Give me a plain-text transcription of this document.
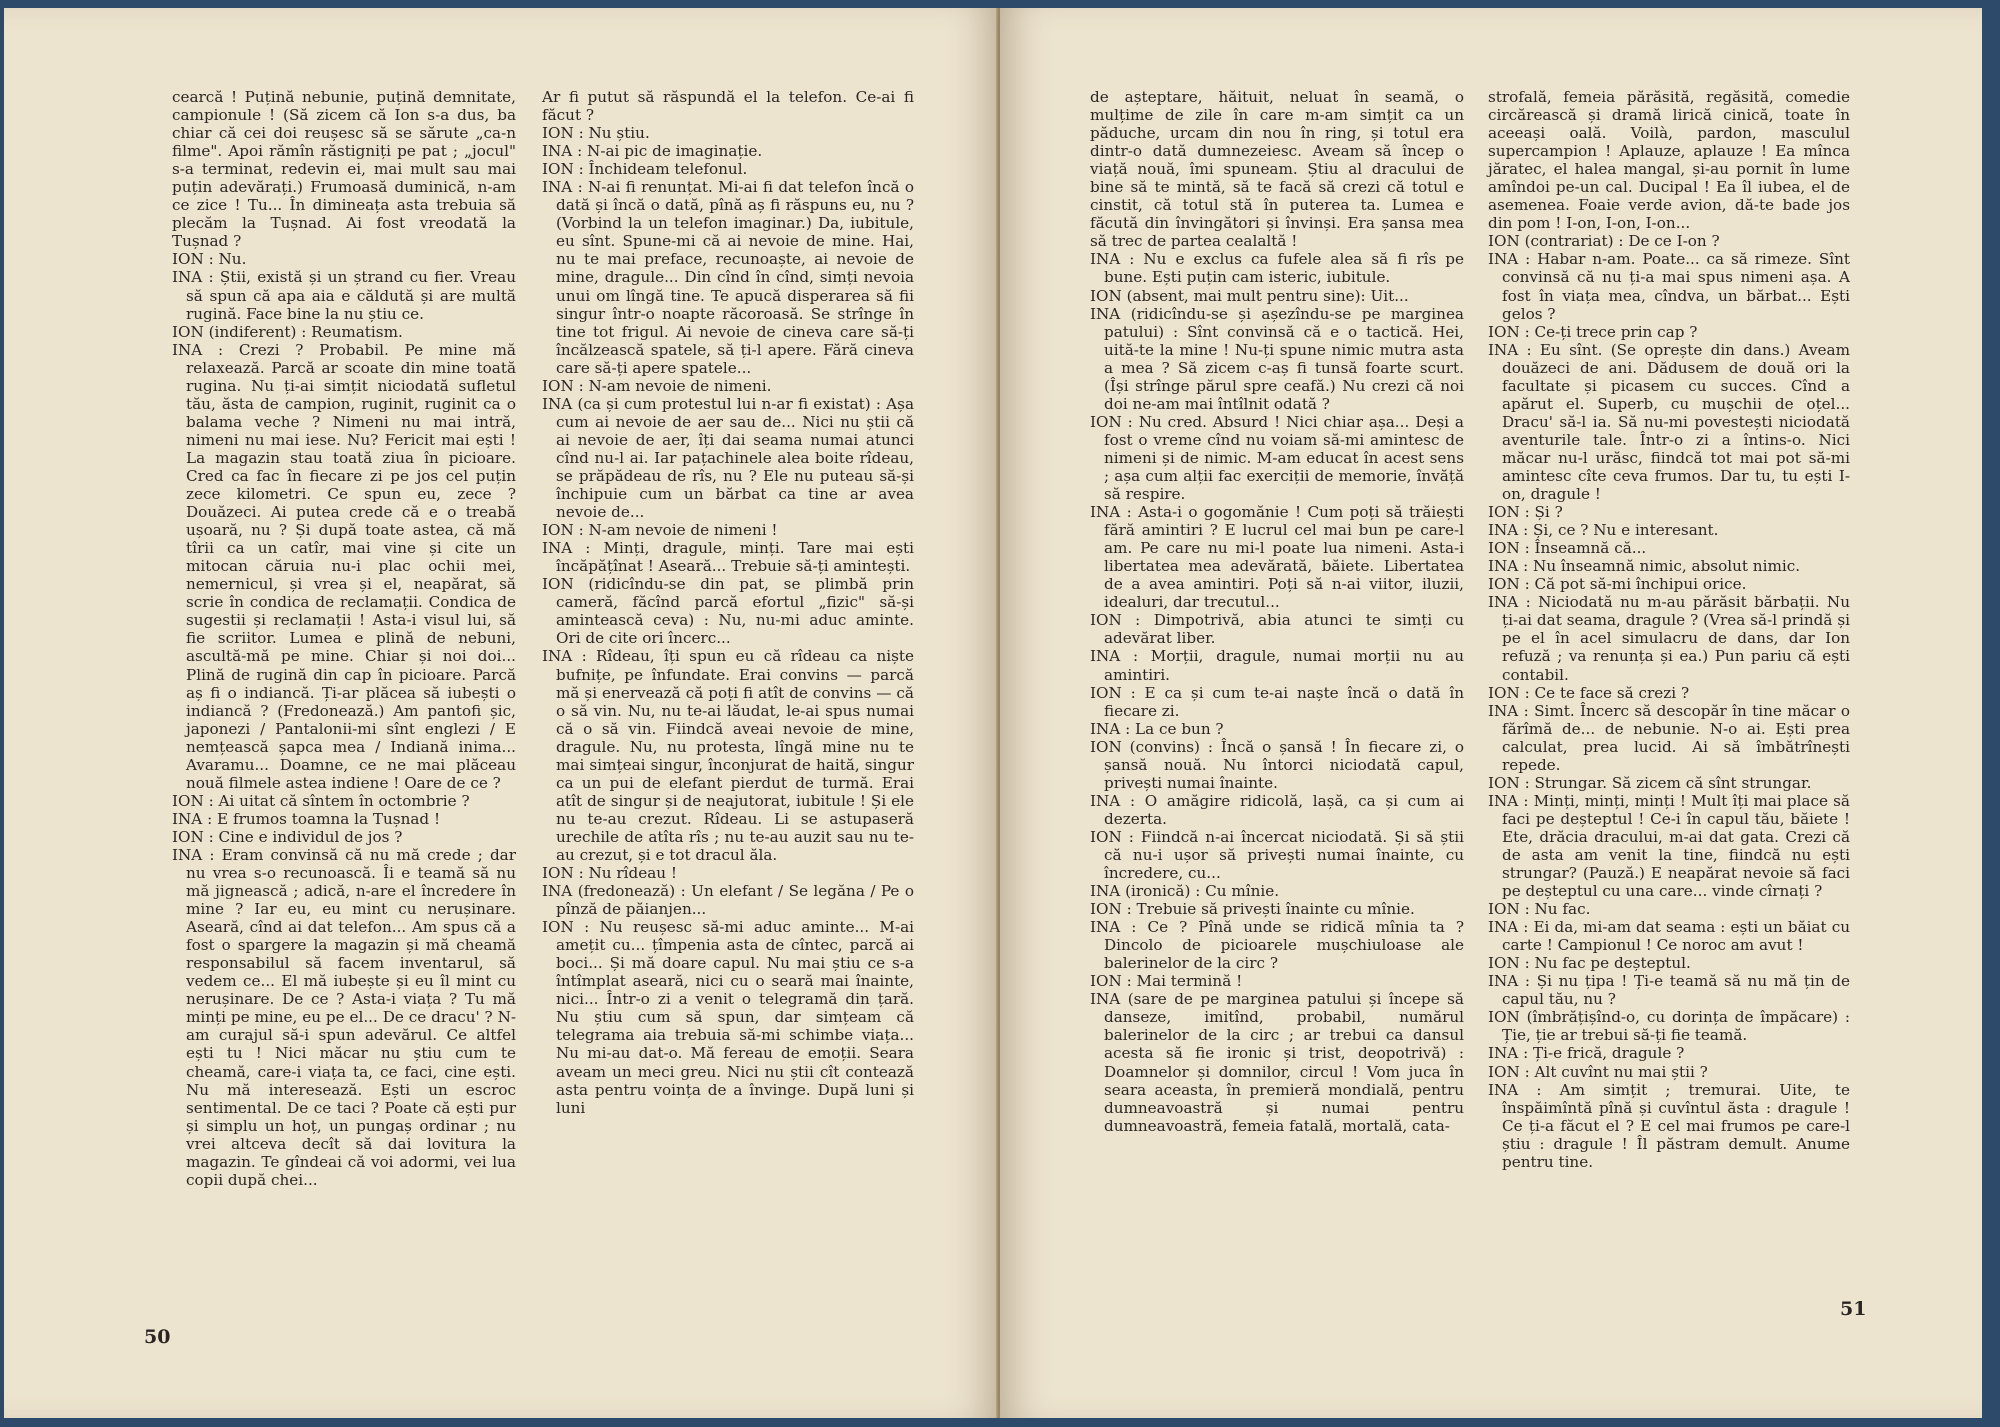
cearcă ! Puțină nebunie, puțină demnitate, campionule ! (Să zicem că Ion s-a dus, ba chiar că cei doi reușesc să se sărute „ca-n filme". Apoi rămîn răstigniți pe pat ; „jocul" s-a terminat, redevin ei, mai mult sau mai puțin adevărați.) Frumoasă duminică, n-am ce zice ! Tu... În dimineața asta trebuia să plecăm la Tușnad. Ai fost vreodată la Tușnad ?

ION : Nu.

INA : Știi, există și un ștrand cu fier. Vreau să spun că apa aia e căldută și are multă rugină. Face bine la nu știu ce.

ION (indiferent) : Reumatism.

INA : Crezi ? Probabil. Pe mine mă relaxează. Parcă ar scoate din mine toată rugina. Nu ți-ai simțit niciodată sufletul tău, ăsta de campion, ruginit, ruginit ca o balama veche ? Nimeni nu mai intră, nimeni nu mai iese. Nu? Fericit mai ești ! La magazin stau toată ziua în picioare. Cred ca fac în fiecare zi pe jos cel puțin zece kilometri. Ce spun eu, zece ? Douăzeci. Ai putea crede că e o treabă ușoară, nu ? Și după toate astea, că mă tîrii ca un catîr, mai vine și cite un mitocan căruia nu-i plac ochii mei, nemernicul, și vrea și el, neapărat, să scrie în condica de reclamații. Condica de sugestii și reclamații ! Asta-i visul lui, să fie scriitor. Lumea e plină de nebuni, ascultă-mă pe mine. Chiar și noi doi... Plină de rugină din cap în picioare. Parcă aș fi o indiancă. Ți-ar plăcea să iubești o indiancă ? (Fredonează.) Am pantofi șic, japonezi / Pantalonii-mi sînt englezi / E nemțească șapca mea / Indiană inima... Avaramu... Doamne, ce ne mai plăceau nouă filmele astea indiene ! Oare de ce ?

ION : Ai uitat că sîntem în octombrie ?

INA : E frumos toamna la Tușnad !

ION : Cine e individul de jos ?

INA : Eram convinsă că nu mă crede ; dar nu vrea s-o recunoască. Îi e teamă să nu mă jignească ; adică, n-are el încredere în mine ? Iar eu, eu mint cu nerușinare. Aseară, cînd ai dat telefon... Am spus că a fost o spargere la magazin și mă cheamă responsabilul să facem inventarul, să vedem ce... El mă iubește și eu îl mint cu nerușinare. De ce ? Asta-i viața ? Tu mă minți pe mine, eu pe el... De ce dracu' ? N-am curajul să-i spun adevărul. Ce altfel ești tu ! Nici măcar nu știu cum te cheamă, care-i viața ta, ce faci, cine ești. Nu mă interesează. Ești un escroc sentimental. De ce taci ? Poate că ești pur și simplu un hoț, un pungaș ordinar ; nu vrei altceva decît să dai lovitura la magazin. Te gîndeai că voi adormi, vei lua copii după chei...

Ar fi putut să răspundă el la telefon. Ce-ai fi făcut ?

ION : Nu știu.

INA : N-ai pic de imaginație.

ION : Închideam telefonul.

INA : N-ai fi renunțat. Mi-ai fi dat telefon încă o dată și încă o dată, pînă aș fi răspuns eu, nu ? (Vorbind la un telefon imaginar.) Da, iubitule, eu sînt. Spune-mi că ai nevoie de mine. Hai, nu te mai preface, recunoaște, ai nevoie de mine, dragule... Din cînd în cînd, simți nevoia unui om lîngă tine. Te apucă disperarea să fii singur într-o noapte răcoroasă. Se strînge în tine tot frigul. Ai nevoie de cineva care să-ți încălzească spatele, să ți-l apere. Fără cineva care să-ți apere spatele...

ION : N-am nevoie de nimeni.

INA (ca și cum protestul lui n-ar fi existat) : Așa cum ai nevoie de aer sau de... Nici nu știi că ai nevoie de aer, îți dai seama numai atunci cînd nu-l ai. Iar pațachinele alea boite rîdeau, se prăpădeau de rîs, nu ? Ele nu puteau să-și închipuie cum un bărbat ca tine ar avea nevoie de...

ION : N-am nevoie de nimeni !

INA : Minți, dragule, minți. Tare mai ești încăpățînat ! Aseară... Trebuie să-ți amintești.

ION (ridicîndu-se din pat, se plimbă prin cameră, făcînd parcă efortul „fizic" să-și amintească ceva) : Nu, nu-mi aduc aminte. Ori de cite ori încerc...

INA : Rîdeau, îți spun eu că rîdeau ca niște bufnițe, pe înfundate. Erai convins — parcă mă și enervează că poți fi atît de convins — că o să vin. Nu, nu te-ai lăudat, le-ai spus numai că o să vin. Fiindcă aveai nevoie de mine, dragule. Nu, nu protesta, lîngă mine nu te mai simțeai singur, înconjurat de haită, singur ca un pui de elefant pierdut de turmă. Erai atît de singur și de neajutorat, iubitule ! Și ele nu te-au crezut. Rîdeau. Li se astupaseră urechile de atîta rîs ; nu te-au auzit sau nu te-au crezut, și e tot dracul ăla.

ION : Nu rîdeau !

INA (fredonează) : Un elefant / Se legăna / Pe o pînză de păianjen...

ION : Nu reușesc să-mi aduc aminte... M-ai amețit cu... țîmpenia asta de cîntec, parcă ai boci... Și mă doare capul. Nu mai știu ce s-a întîmplat aseară, nici cu o seară mai înainte, nici... Într-o zi a venit o telegramă din țară. Nu știu cum să spun, dar simțeam că telegrama aia trebuia să-mi schimbe viața... Nu mi-au dat-o. Mă fereau de emoții. Seara aveam un meci greu. Nici nu știi cît contează asta pentru voința de a învinge. După luni și luni

50

de așteptare, hăituit, neluat în seamă, o mulțime de zile în care m-am simțit ca un păduche, urcam din nou în ring, și totul era dintr-o dată dumnezeiesc. Aveam să încep o viață nouă, îmi spuneam. Știu al dracului de bine să te mintă, să te facă să crezi că totul e cinstit, că totul stă în puterea ta. Lumea e făcută din învingători și învinși. Era șansa mea să trec de partea cealaltă !

INA : Nu e exclus ca fufele alea să fi rîs pe bune. Ești puțin cam isteric, iubitule.

ION (absent, mai mult pentru sine): Uit...

INA (ridicîndu-se și așezîndu-se pe marginea patului) : Sînt convinsă că e o tactică. Hei, uită-te la mine ! Nu-ți spune nimic mutra asta a mea ? Să zicem c-aș fi tunsă foarte scurt. (Își strînge părul spre ceafă.) Nu crezi că noi doi ne-am mai întîlnit odată ?

ION : Nu cred. Absurd ! Nici chiar așa... Deși a fost o vreme cînd nu voiam să-mi amintesc de nimeni și de nimic. M-am educat în acest sens ; așa cum alții fac exerciții de memorie, învăță să respire.

INA : Asta-i o gogomănie ! Cum poți să trăiești fără amintiri ? E lucrul cel mai bun pe care-l am. Pe care nu mi-l poate lua nimeni. Asta-i libertatea mea adevărată, băiete. Libertatea de a avea amintiri. Poți să n-ai viitor, iluzii, idealuri, dar trecutul...

ION : Dimpotrivă, abia atunci te simți cu adevărat liber.

INA : Morții, dragule, numai morții nu au amintiri.

ION : E ca și cum te-ai naște încă o dată în fiecare zi.

INA : La ce bun ?

ION (convins) : Încă o șansă ! În fiecare zi, o șansă nouă. Nu întorci niciodată capul, privești numai înainte.

INA : O amăgire ridicolă, lașă, ca și cum ai dezerta.

ION : Fiindcă n-ai încercat niciodată. Și să știi că nu-i ușor să privești numai înainte, cu încredere, cu...

INA (ironică) : Cu mînie.

ION : Trebuie să privești înainte cu mînie.

INA : Ce ? Pînă unde se ridică mînia ta ? Dincolo de picioarele mușchiuloase ale balerinelor de la circ ?

ION : Mai termină !

INA (sare de pe marginea patului și începe să danseze, imitînd, probabil, numărul balerinelor de la circ ; ar trebui ca dansul acesta să fie ironic și trist, deopotrivă) : Doamnelor și domnilor, circul ! Vom juca în seara aceasta, în premieră mondială, pentru dumneavoastră și numai pentru dumneavoastră, femeia fatală, mortală, cata-

strofală, femeia părăsită, regăsită, comedie circărească și dramă lirică cinică, toate în aceeași oală. Voilà, pardon, masculul supercampion ! Aplauze, aplauze ! Ea mînca jăratec, el halea mangal, și-au pornit în lume amîndoi pe-un cal. Ducipal ! Ea îl iubea, el de asemenea. Foaie verde avion, dă-te bade jos din pom ! I-on, I-on, I-on...

ION (contrariat) : De ce I-on ?

INA : Habar n-am. Poate... ca să rimeze. Sînt convinsă că nu ți-a mai spus nimeni așa. A fost în viața mea, cîndva, un bărbat... Ești gelos ?

ION : Ce-ți trece prin cap ?

INA : Eu sînt. (Se oprește din dans.) Aveam douăzeci de ani. Dădusem de două ori la facultate și picasem cu succes. Cînd a apărut el. Superb, cu mușchii de oțel... Dracu' să-l ia. Să nu-mi povestești niciodată aventurile tale. Într-o zi a întins-o. Nici măcar nu-l urăsc, fiindcă tot mai pot să-mi amintesc cîte ceva frumos. Dar tu, tu ești I-on, dragule !

ION : Și ?

INA : Și, ce ? Nu e interesant.

ION : Înseamnă că...

INA : Nu înseamnă nimic, absolut nimic.

ION : Că pot să-mi închipui orice.

INA : Niciodată nu m-au părăsit bărbații. Nu ți-ai dat seama, dragule ? (Vrea să-l prindă și pe el în acel simulacru de dans, dar Ion refuză ; va renunța și ea.) Pun pariu că ești contabil.

ION : Ce te face să crezi ?

INA : Simt. Încerc să descopăr în tine măcar o fărîmă de... de nebunie. N-o ai. Ești prea calculat, prea lucid. Ai să îmbătrînești repede.

ION : Strungar. Să zicem că sînt strungar.

INA : Minți, minți, minți ! Mult îți mai place să faci pe deșteptul ! Ce-i în capul tău, băiete ! Ete, drăcia dracului, m-ai dat gata. Crezi că de asta am venit la tine, fiindcă nu ești strungar? (Pauză.) E neapărat nevoie să faci pe deșteptul cu una care... vinde cîrnați ?

ION : Nu fac.

INA : Ei da, mi-am dat seama : ești un băiat cu carte ! Campionul ! Ce noroc am avut !

ION : Nu fac pe deșteptul.

INA : Și nu țipa ! Ți-e teamă să nu mă țin de capul tău, nu ?

ION (îmbrățișînd-o, cu dorința de împăcare) : Ție, ție ar trebui să-ți fie teamă.

INA : Ți-e frică, dragule ?

ION : Alt cuvînt nu mai știi ?

INA : Am simțit ; tremurai. Uite, te înspăimîntă pînă și cuvîntul ăsta : dragule ! Ce ți-a făcut el ? E cel mai frumos pe care-l știu : dragule ! Îl păstram demult. Anume pentru tine.

51
